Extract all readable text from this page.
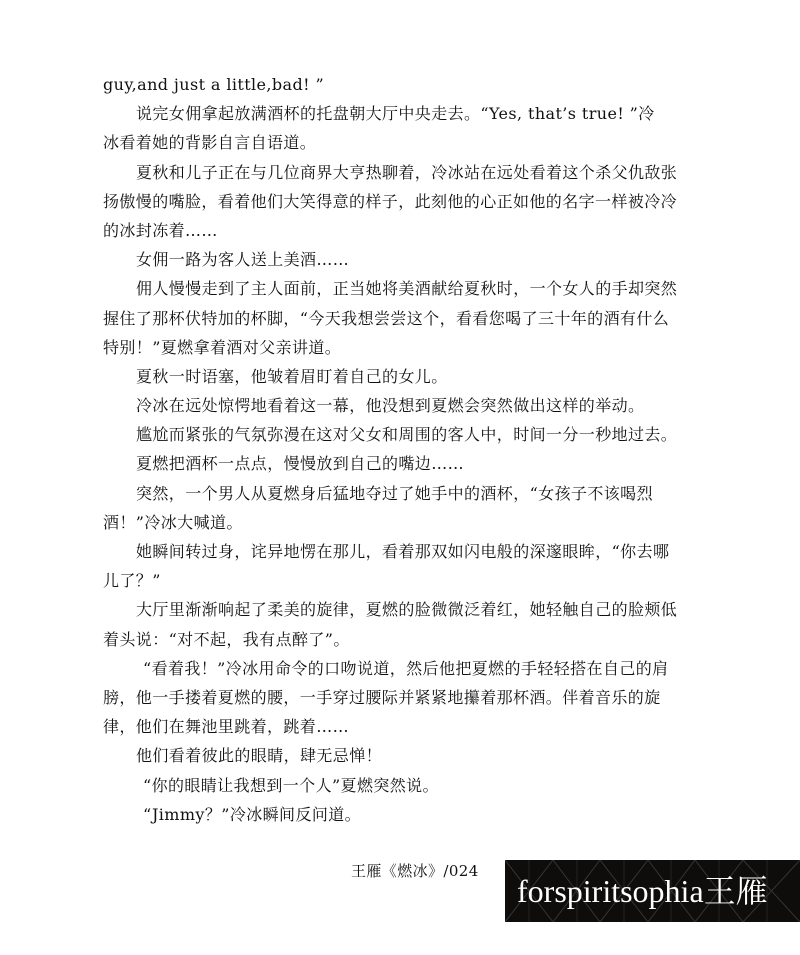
guy,and just a little,bad! ”
说完女佣拿起放满酒杯的托盘朝大厅中央走去。“Yes, that’s true! ”冷
冰看着她的背影自言自语道。
夏秋和儿子正在与几位商界大亨热聊着，冷冰站在远处看着这个杀父仇敌张
扬傲慢的嘴脸，看着他们大笑得意的样子，此刻他的心正如他的名字一样被冷冷
的冰封冻着……
女佣一路为客人送上美酒……
佣人慢慢走到了主人面前，正当她将美酒献给夏秋时，一个女人的手却突然
握住了那杯伏特加的杯脚，“今天我想尝尝这个，看看您喝了三十年的酒有什么
特别！”夏燃拿着酒对父亲讲道。
夏秋一时语塞，他皱着眉盯着自己的女儿。
冷冰在远处惊愕地看着这一幕，他没想到夏燃会突然做出这样的举动。
尴尬而紧张的气氛弥漫在这对父女和周围的客人中，时间一分一秒地过去。
夏燃把酒杯一点点，慢慢放到自己的嘴边……
突然，一个男人从夏燃身后猛地夺过了她手中的酒杯，“女孩子不该喝烈
酒！”冷冰大喊道。
她瞬间转过身，诧异地愣在那儿，看着那双如闪电般的深邃眼眸，“你去哪
儿了？”
大厅里渐渐响起了柔美的旋律，夏燃的脸微微泛着红，她轻触自己的脸颊低
着头说：“对不起，我有点醉了”。
“看着我！”冷冰用命令的口吻说道，然后他把夏燃的手轻轻搭在自己的肩
膀，他一手搂着夏燃的腰，一手穿过腰际并紧紧地攥着那杯酒。伴着音乐的旋
律，他们在舞池里跳着，跳着……
他们看着彼此的眼睛，肆无忌惮！
“你的眼睛让我想到一个人”夏燃突然说。
“Jimmy？”冷冰瞬间反问道。
王雁《燃冰》/024
forspiritsophia王雁
